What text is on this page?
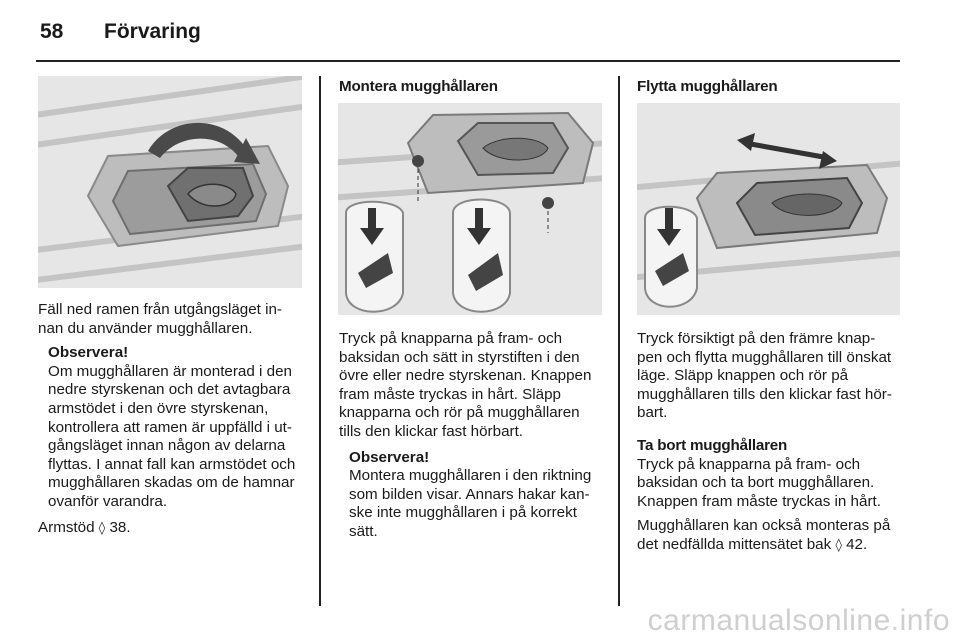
58 Förvaring

Fäll ned ramen från utgångsläget in-

nan du använder mugghållaren.

Observera!

Om mugghållaren är monterad i den

nedre styrskenan och det avtagbara

armstödet i den övre styrskenan,

kontrollera att ramen är uppfälld i ut-

gångsläget innan någon av delarna

flyttas. I annat fall kan armstödet och

mugghållaren skadas om de hamnar

ovanför varandra.

Armstöd ◊ 38.

Montera mugghållaren

Tryck på knapparna på fram- och

baksidan och sätt in styrstiften i den

övre eller nedre styrskenan. Knappen

fram måste tryckas in hårt. Släpp

knapparna och rör på mugghållaren

tills den klickar fast hörbart.

Observera!

Montera mugghållaren i den riktning

som bilden visar. Annars hakar kan-

ske inte mugghållaren i på korrekt

sätt.

Flytta mugghållaren

Tryck försiktigt på den främre knap-

pen och flytta mugghållaren till önskat

läge. Släpp knappen och rör på

mugghållaren tills den klickar fast hör-

bart.

Ta bort mugghållaren

Tryck på knapparna på fram- och

baksidan och ta bort mugghållaren.

Knappen fram måste tryckas in hårt.

Mugghållaren kan också monteras på

det nedfällda mittensätet bak ◊ 42.

carmanualsonline.info
